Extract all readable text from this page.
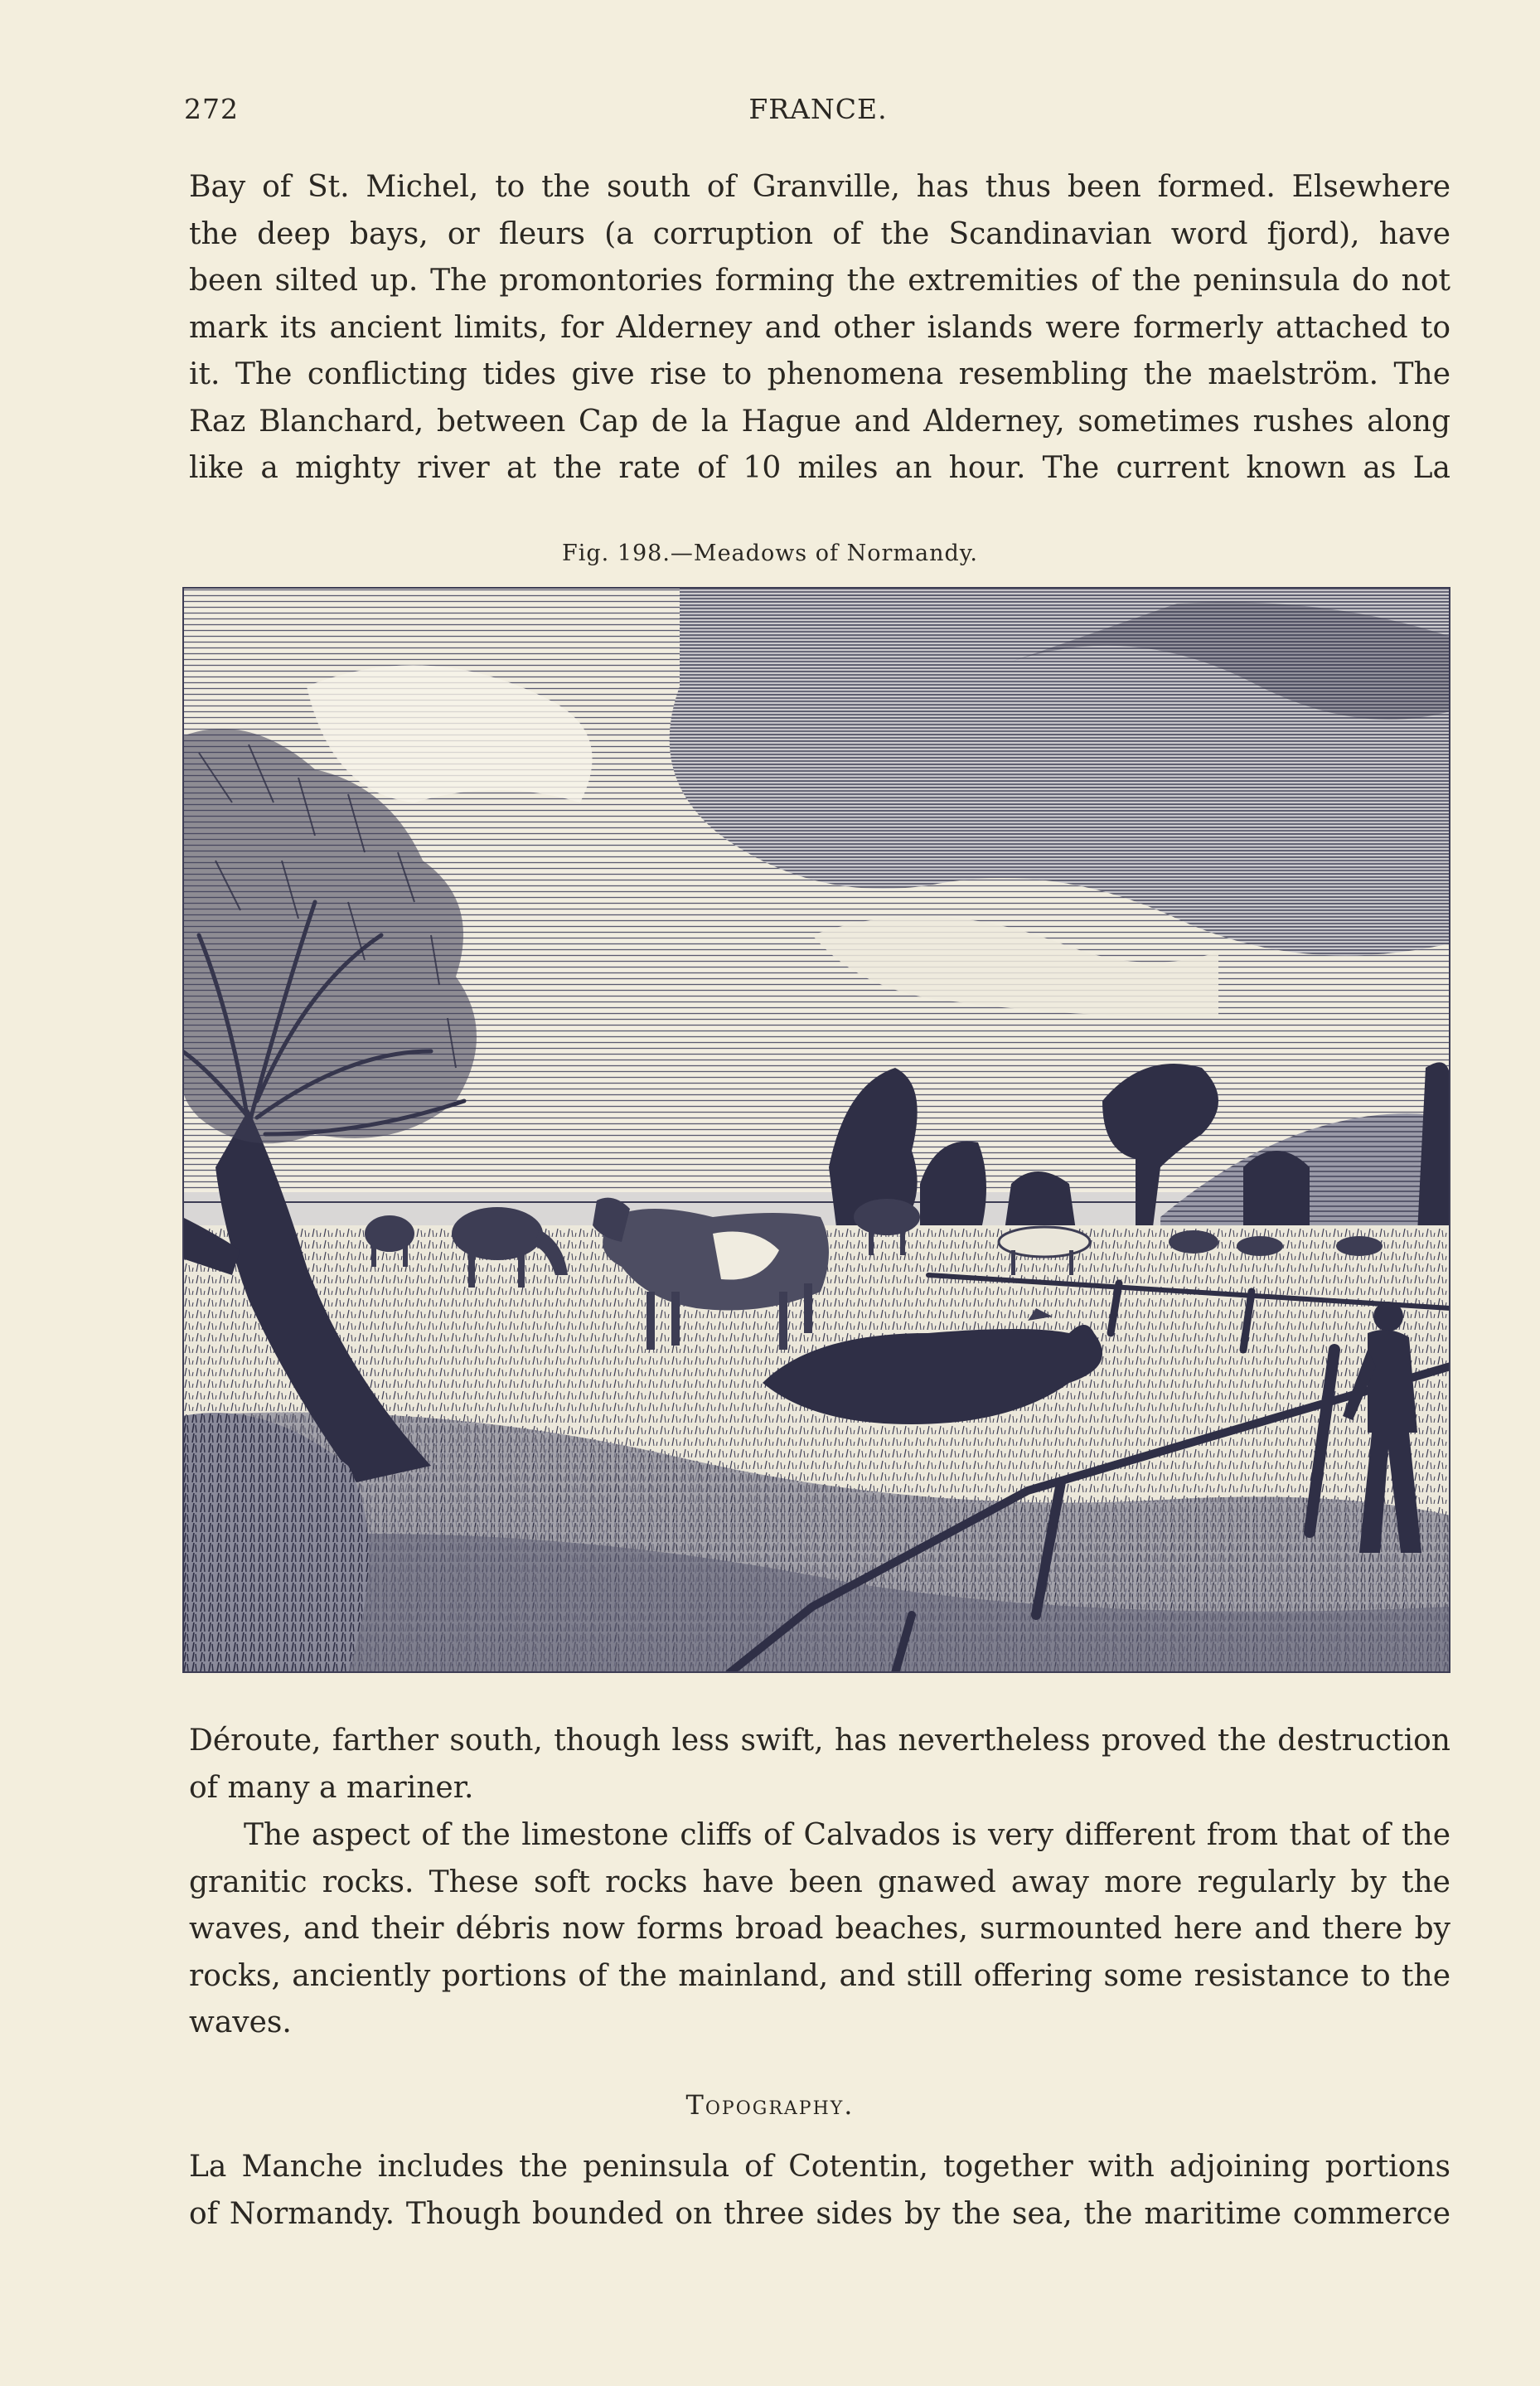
272	FRANCE.

Bay of St. Michel, to the south of Granville, has thus been formed. Elsewhere

the deep bays, or fleurs (a corruption of the Scandinavian word fjord), have

been silted up. The promontories forming the extremities of the peninsula do not

mark its ancient limits, for Alderney and other islands were formerly attached to

it. The conflicting tides give rise to phenomena resembling the maelström. The

Raz Blanchard, between Cap de la Hague and Alderney, sometimes rushes along

like a mighty river at the rate of 10 miles an hour. The current known as La

Fig. 198.—Meadows of Normandy.

Déroute, farther south, though less swift, has nevertheless proved the destruction

of many a mariner.

The aspect of the limestone cliffs of Calvados is very different from that of the

granitic rocks. These soft rocks have been gnawed away more regularly by the

waves, and their débris now forms broad beaches, surmounted here and there by

rocks, anciently portions of the mainland, and still offering some resistance to the

waves.

Topography.

La Manche includes the peninsula of Cotentin, together with adjoining portions

of Normandy. Though bounded on three sides by the sea, the maritime commerce
